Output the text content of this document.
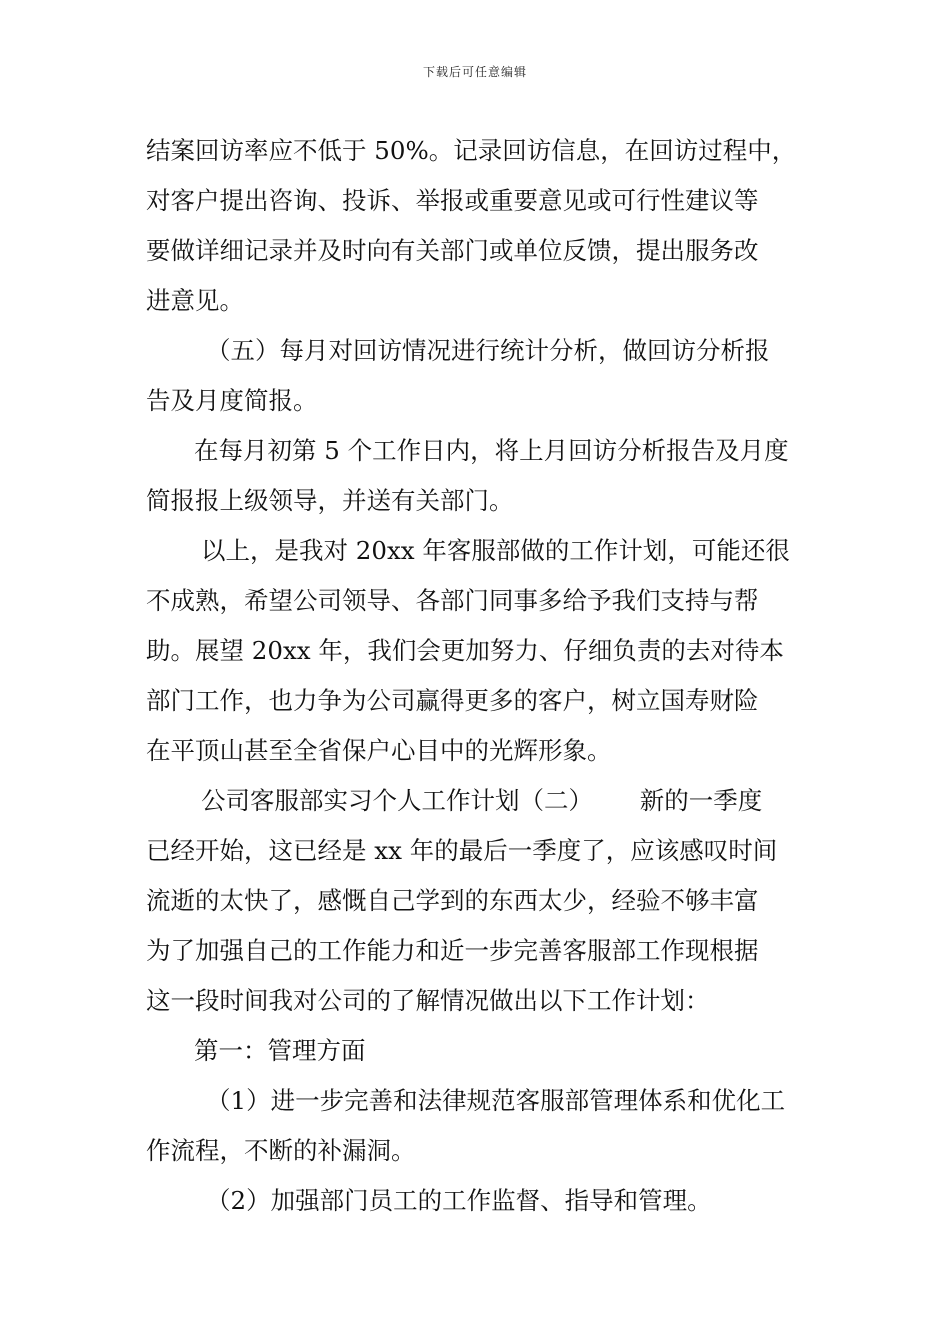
下载后可任意编辑
结案回访率应不低于 50%。记录回访信息，在回访过程中，
对客户提出咨询、投诉、举报或重要意见或可行性建议等
要做详细记录并及时向有关部门或单位反馈，提出服务改
进意见。
（五）每月对回访情况进行统计分析，做回访分析报
告及月度简报。
在每月初第 5 个工作日内，将上月回访分析报告及月度
简报报上级领导，并送有关部门。
以上，是我对 20xx 年客服部做的工作计划，可能还很
不成熟，希望公司领导、各部门同事多给予我们支持与帮
助。展望 20xx 年，我们会更加努力、仔细负责的去对待本
部门工作，也力争为公司赢得更多的客户，树立国寿财险
在平顶山甚至全省保户心目中的光辉形象。
公司客服部实习个人工作计划（二）      新的一季度
已经开始，这已经是 xx 年的最后一季度了，应该感叹时间
流逝的太快了，感慨自己学到的东西太少，经验不够丰富
为了加强自己的工作能力和近一步完善客服部工作现根据
这一段时间我对公司的了解情况做出以下工作计划：
第一：管理方面
（1）进一步完善和法律规范客服部管理体系和优化工
作流程，不断的补漏洞。
（2）加强部门员工的工作监督、指导和管理。
